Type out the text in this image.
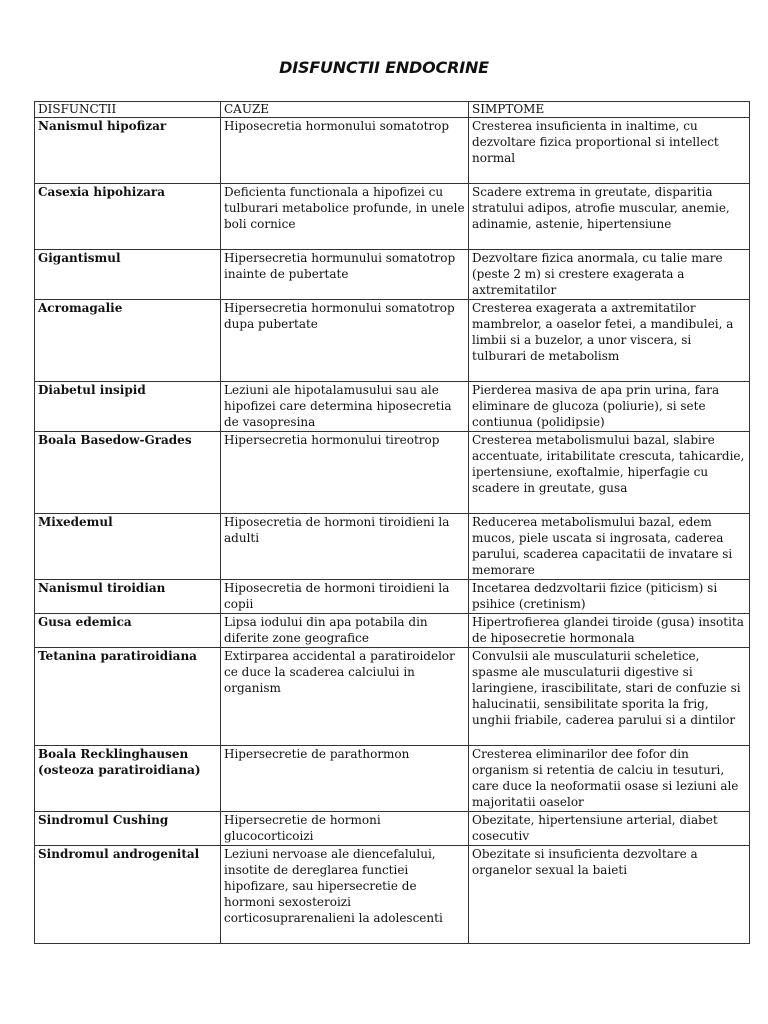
DISFUNCTII ENDOCRINE
DISFUNCTII	CAUZE	SIMPTOME
Nanismul hipofizar	Hiposecretia hormonului somatotrop	Cresterea insuficienta in inaltime, cu dezvoltare fizica proportional si intellect normal
Casexia hipohizara	Deficienta functionala a hipofizei cu tulburari metabolice profunde, in unele boli cornice	Scadere extrema in greutate, disparitia stratului adipos, atrofie muscular, anemie, adinamie, astenie, hipertensiune
Gigantismul	Hipersecretia hormunului somatotrop inainte de pubertate	Dezvoltare fizica anormala, cu talie mare (peste 2 m) si crestere exagerata a axtremitatilor
Acromagalie	Hipersecretia hormonului somatotrop dupa pubertate	Cresterea exagerata a axtremitatilor mambrelor, a oaselor fetei, a mandibulei, a limbii si a buzelor, a unor viscera, si tulburari de metabolism
Diabetul insipid	Leziuni ale hipotalamusului sau ale hipofizei care determina hiposecretia de vasopresina	Pierderea masiva de apa prin urina, fara eliminare de glucoza (poliurie), si sete contiunua (polidipsie)
Boala Basedow-Grades	Hipersecretia hormonului tireotrop	Cresterea metabolismului bazal, slabire accentuate, iritabilitate crescuta, tahicardie, ipertensiune, exoftalmie, hiperfagie cu scadere in greutate, gusa
Mixedemul	Hiposecretia de hormoni tiroidieni la adulti	Reducerea metabolismului bazal, edem mucos, piele uscata si ingrosata, caderea parului, scaderea capacitatii de invatare si memorare
Nanismul tiroidian	Hiposecretia de hormoni tiroidieni la copii	Incetarea dedzvoltarii fizice (piticism) si psihice (cretinism)
Gusa edemica	Lipsa iodului din apa potabila din diferite zone geografice	Hipertrofierea glandei tiroide (gusa) insotita de hiposecretie hormonala
Tetanina paratiroidiana	Extirparea accidental a paratiroidelor ce duce la scaderea calciului in organism	Convulsii ale musculaturii scheletice, spasme ale musculaturii digestive si laringiene, irascibilitate, stari de confuzie si halucinatii, sensibilitate sporita la frig, unghii friabile, caderea parului si a dintilor
Boala Recklinghausen (osteoza paratiroidiana)	Hipersecretie de parathormon	Cresterea eliminarilor dee fofor din organism si retentia de calciu in tesuturi, care duce la neoformatii osase si leziuni ale majoritatii oaselor
Sindromul Cushing	Hipersecretie de hormoni glucocorticoizi	Obezitate, hipertensiune arterial, diabet cosecutiv
Sindromul androgenital	Leziuni nervoase ale diencefalului, insotite de dereglarea functiei hipofizare, sau hipersecretie de hormoni sexosteroizi corticosuprarenalieni la adolescenti	Obezitate si insuficienta dezvoltare a organelor sexual la baieti
